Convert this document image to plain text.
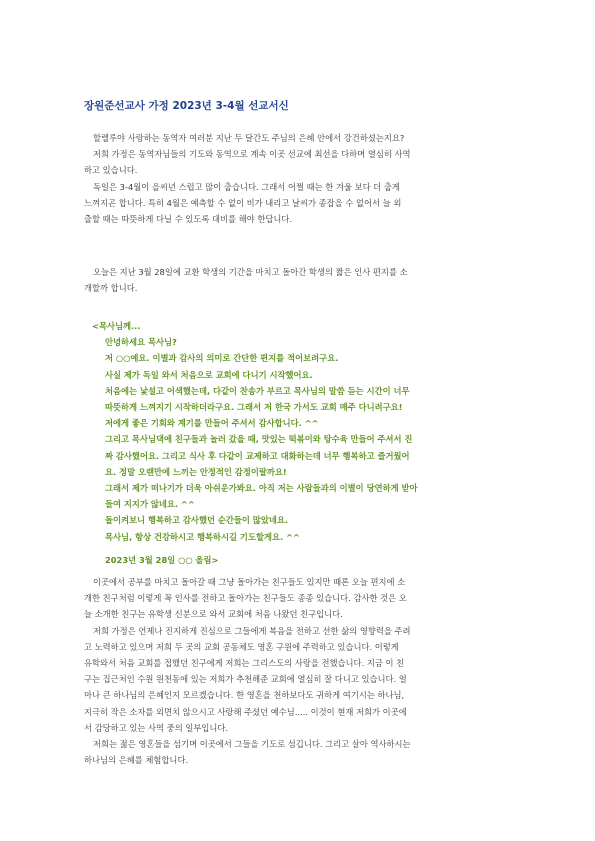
장원준선교사 가정 2023년 3-4월 선교서신
할렐루야 사랑하는 동역자 여러분 지난 두 달간도 주님의 은혜 안에서 강건하셨는지요?
저희 가정은 동역자님들의 기도와 동역으로 계속 이곳 선교에 최선을 다하며 열심히 사역
하고 있습니다.
독일은 3-4월이 을씨년 스럽고 많이 춥습니다. 그래서 어쩔 때는 한 겨울 보다 더 춥게
느껴지곤 합니다. 특히 4월은 예측할 수 없이 비가 내리고 날씨가 종잡을 수 없어서 늘 외
출할 때는 따뜻하게 다닐 수 있도록 대비를 해야 한답니다.
오늘은 지난 3월 28일에 교환 학생의 기간을 마치고 돌아간 학생의 짧은 인사 편지를 소
개할까 합니다.
<목사님께...
안녕하세요 목사님?
저 ○○예요. 이별과 감사의 의미로 간단한 편지를 적어보려구요.
사실 제가 독일 와서 처음으로 교회에 다니기 시작했어요.
처음에는 낯설고 어색했는데, 다같이 찬송가 부르고 목사님의 말씀 듣는 시간이 너무
따뜻하게 느껴지기 시작하더라구요. 그래서 저 한국 가서도 교회 매주 다니려구요!
저에게 좋은 기회와 계기를 만들어 주셔서 감사합니다. ^^
그리고 목사님댁에 친구들과 놀러 갔을 때, 맛있는 떡볶이와 탕수육 만들어 주셔서 진
짜 감사했어요. 그리고 식사 후 다같이 교제하고 대화하는데 너무 행복하고 즐거웠어
요. 정말 오랜만에 느끼는 안정적인 감정이랄까요!
그래서 제가 떠나기가 더욱 아쉬운가봐요. 아직 저는 사람들과의 이별이 당연하게 받아
들여 지지가 않네요. ^^
돌이켜보니 행복하고 감사했던 순간들이 많았네요.
목사님, 항상 건강하시고 행복하시길 기도할게요. ^^
2023년 3월 28일 ○○ 올림>
이곳에서 공부를 마치고 돌아갈 때 그냥 돌아가는 친구들도 있지만 때론 오늘 편지에 소
개한 친구처럼 이렇게 꼭 인사를 전하고 돌아가는 친구들도 종종 있습니다. 감사한 것은 오
늘 소개한 친구는 유학생 신분으로 와서 교회에 처음 나왔던 친구입니다.
저희 가정은 언제나 진지하게 진심으로 그들에게 복음을 전하고 선한 삶의 영향력을 주려
고 노력하고 있으며 저희 두 곳의 교회 공동체도 영혼 구원에 주력하고 있습니다. 이렇게
유학와서 처음 교회를 접했던 친구에게 저희는 그리스도의 사랑을 전했습니다. 지금 이 친
구는 집근처인 수원 원천동에 있는 저희가 추천해준 교회에 열심히 잘 다니고 있습니다. 얼
마나 큰 하나님의 은혜인지 모르겠습니다. 한 영혼을 천하보다도 귀하게 여기시는 하나님,
지극히 작은 소자를 외면치 않으시고 사랑해 주셨던 예수님..... 이것이 현재 저희가 이곳에
서 감당하고 있는 사역 중의 일부입니다.
저희는 젊은 영혼들을 섬기며 이곳에서 그들을 기도로 섬깁니다. 그리고 살아 역사하시는
하나님의 은혜를 체험합니다.
